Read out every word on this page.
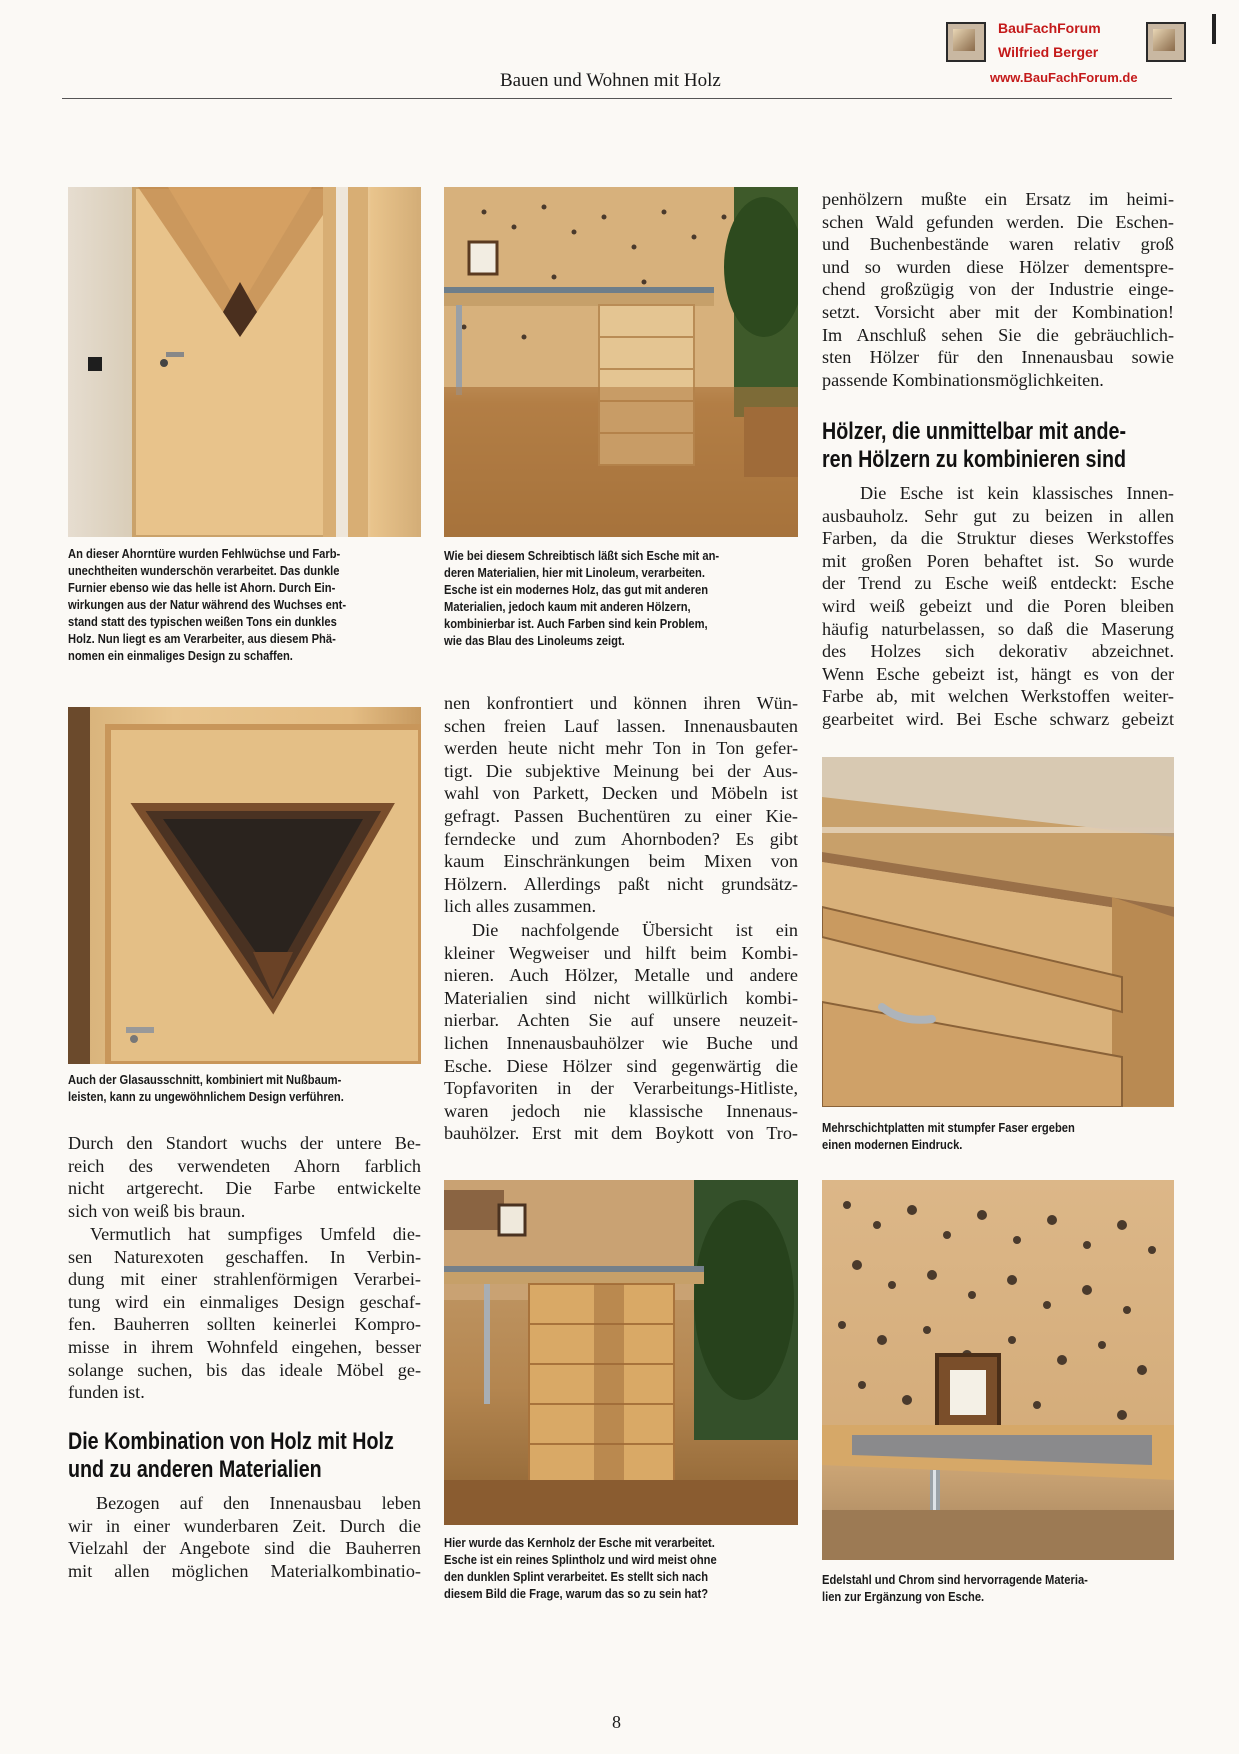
BauFachForum
Wilfried Berger
www.BauFachForum.de
Bauen und Wohnen mit Holz
An dieser Ahorntüre wurden Fehlwüchse und Farb-
unechtheiten wunderschön verarbeitet. Das dunkle
Furnier ebenso wie das helle ist Ahorn. Durch Ein-
wirkungen aus der Natur während des Wuchses ent-
stand statt des typischen weißen Tons ein dunkles
Holz. Nun liegt es am Verarbeiter, aus diesem Phä-
nomen ein einmaliges Design zu schaffen.
Wie bei diesem Schreibtisch läßt sich Esche mit an-
deren Materialien, hier mit Linoleum, verarbeiten.
Esche ist ein modernes Holz, das gut mit anderen
Materialien, jedoch kaum mit anderen Hölzern,
kombinierbar ist. Auch Farben sind kein Problem,
wie das Blau des Linoleums zeigt.
Auch der Glasausschnitt, kombiniert mit Nußbaum-
leisten, kann zu ungewöhnlichem Design verführen.
Durch den Standort wuchs der untere Be-
reich des verwendeten Ahorn farblich
nicht artgerecht. Die Farbe entwickelte
sich von weiß bis braun.
Vermutlich hat sumpfiges Umfeld die-
sen Naturexoten geschaffen. In Verbin-
dung mit einer strahlenförmigen Verarbei-
tung wird ein einmaliges Design geschaf-
fen. Bauherren sollten keinerlei Kompro-
misse in ihrem Wohnfeld eingehen, besser
solange suchen, bis das ideale Möbel ge-
funden ist.
Die Kombination von Holz mit Holz
und zu anderen Materialien
Bezogen auf den Innenausbau leben
wir in einer wunderbaren Zeit. Durch die
Vielzahl der Angebote sind die Bauherren
mit allen möglichen Materialkombinatio-
nen konfrontiert und können ihren Wün-
schen freien Lauf lassen. Innenausbauten
werden heute nicht mehr Ton in Ton gefer-
tigt. Die subjektive Meinung bei der Aus-
wahl von Parkett, Decken und Möbeln ist
gefragt. Passen Buchentüren zu einer Kie-
ferndecke und zum Ahornboden? Es gibt
kaum Einschränkungen beim Mixen von
Hölzern. Allerdings paßt nicht grundsätz-
lich alles zusammen.
Die nachfolgende Übersicht ist ein
kleiner Wegweiser und hilft beim Kombi-
nieren. Auch Hölzer, Metalle und andere
Materialien sind nicht willkürlich kombi-
nierbar. Achten Sie auf unsere neuzeit-
lichen Innenausbauhölzer wie Buche und
Esche. Diese Hölzer sind gegenwärtig die
Topfavoriten in der Verarbeitungs-Hitliste,
waren jedoch nie klassische Innenaus-
bauhölzer. Erst mit dem Boykott von Tro-
Hier wurde das Kernholz der Esche mit verarbeitet.
Esche ist ein reines Splintholz und wird meist ohne
den dunklen Splint verarbeitet. Es stellt sich nach
diesem Bild die Frage, warum das so zu sein hat?
penhölzern mußte ein Ersatz im heimi-
schen Wald gefunden werden. Die Eschen-
und Buchenbestände waren relativ groß
und so wurden diese Hölzer dementspre-
chend großzügig von der Industrie einge-
setzt. Vorsicht aber mit der Kombination!
Im Anschluß sehen Sie die gebräuchlich-
sten Hölzer für den Innenausbau sowie
passende Kombinationsmöglichkeiten.
Hölzer, die unmittelbar mit ande-
ren Hölzern zu kombinieren sind
Die Esche ist kein klassisches Innen-
ausbauholz. Sehr gut zu beizen in allen
Farben, da die Struktur dieses Werkstoffes
mit großen Poren behaftet ist. So wurde
der Trend zu Esche weiß entdeckt: Esche
wird weiß gebeizt und die Poren bleiben
häufig naturbelassen, so daß die Maserung
des Holzes sich dekorativ abzeichnet.
Wenn Esche gebeizt ist, hängt es von der
Farbe ab, mit welchen Werkstoffen weiter-
gearbeitet wird. Bei Esche schwarz gebeizt
Mehrschichtplatten mit stumpfer Faser ergeben
einen modernen Eindruck.
Edelstahl und Chrom sind hervorragende Materia-
lien zur Ergänzung von Esche.
8
